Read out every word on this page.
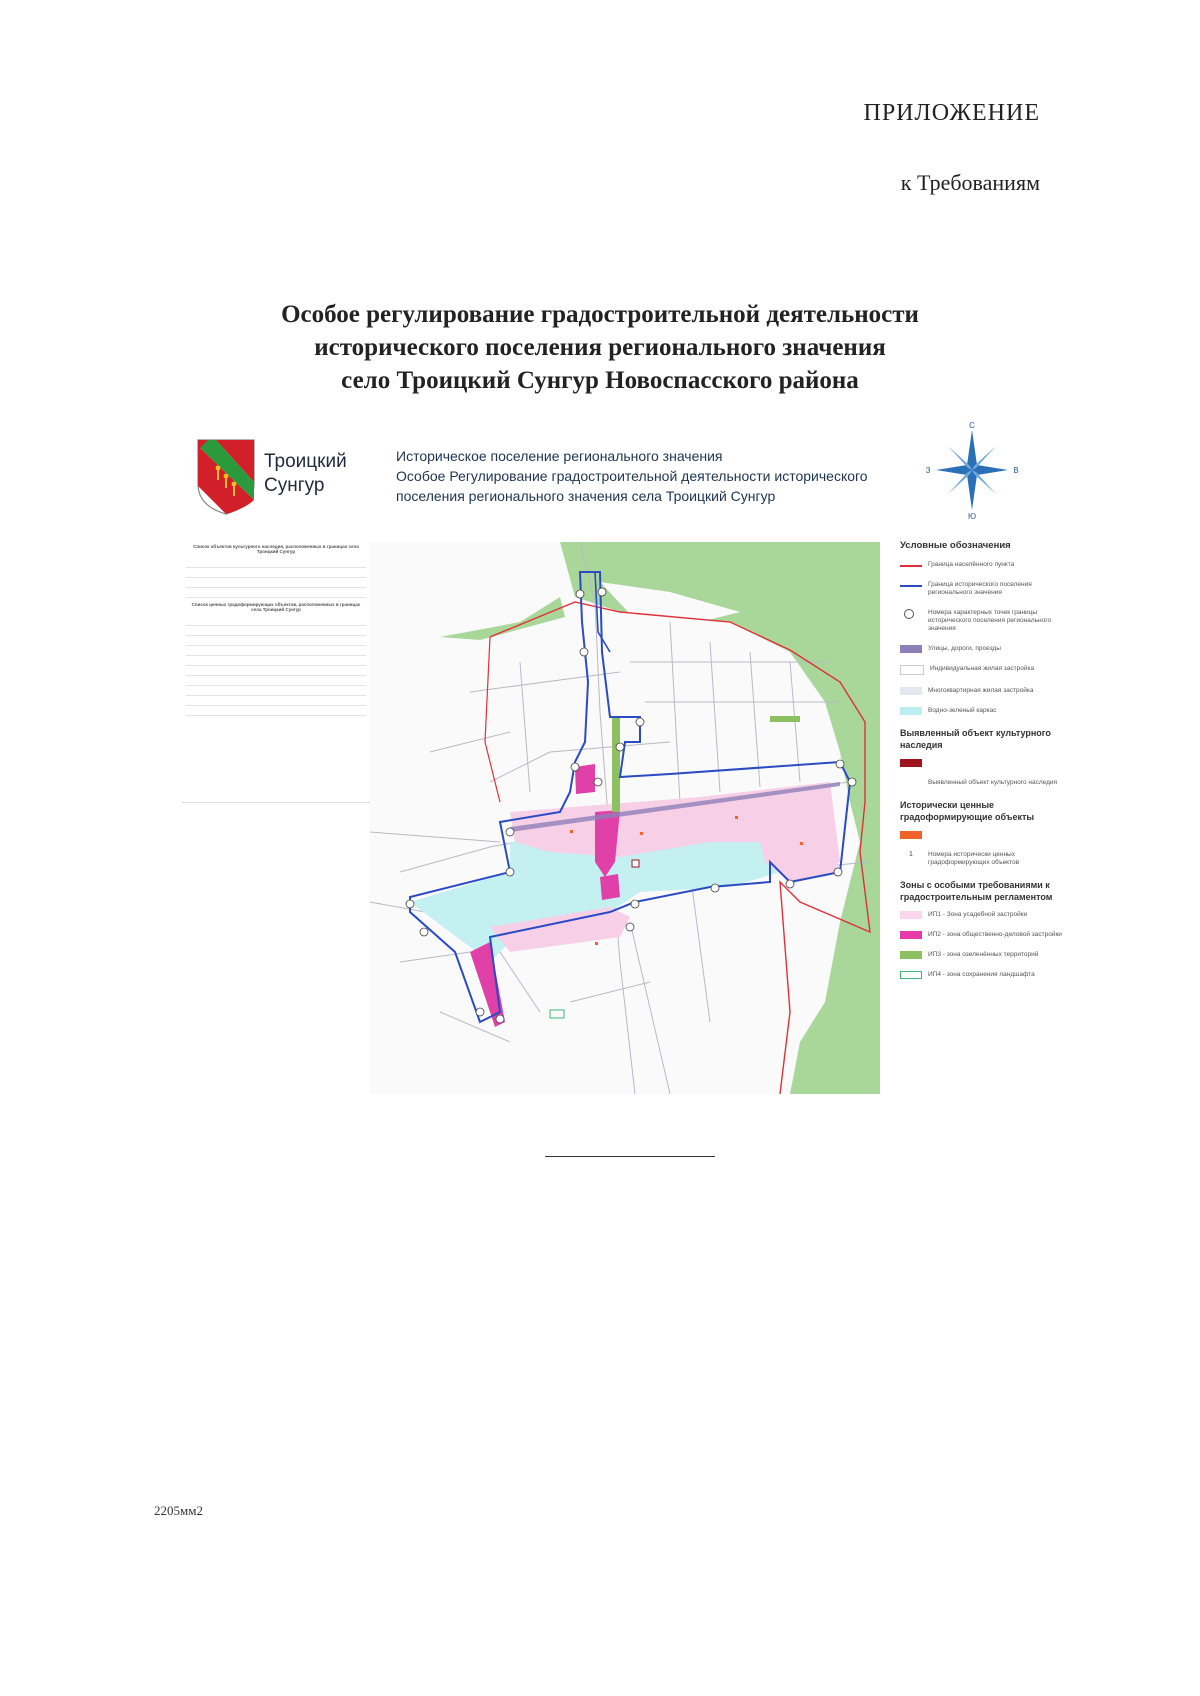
ПРИЛОЖЕНИЕ
к Требованиям
Особое регулирование градостроительной деятельности
исторического поселения регионального значения
село Троицкий Сунгур Новоспасского района
Троицкий
Сунгур
Историческое поселение регионального значения
Особое Регулирование градостроительной деятельности исторического
поселения регионального значения села Троицкий Сунгур
С
Ю
З	В
Список объектов культурного наследия, расположенных в границах села Троицкий Сунгур
Список ценных градоформирующих объектов, расположенных в границах села Троицкий Сунгур
Условные обозначения
Граница населённого пункта
Граница исторического поселения регионального значения
Номера характерных точек границы исторического поселения регионального значения
Улицы, дороги, проезды
Индивидуальная жилая застройка
Многоквартирная жилая застройка
Водно-зеленый каркас
Выявленный объект культурного наследия
Выявленный объект культурного наследия
Исторически ценные градоформирующие объекты
1	Номера исторически ценных градоформирующих объектов
Зоны с особыми требованиями к градостроительным регламентом
ИП1 - Зона усадебной застройки
ИП2 - зона общественно-деловой застройки
ИП3 - зона озеленённых территорий
ИП4 - зона сохранения ландшафта
2205мм2
